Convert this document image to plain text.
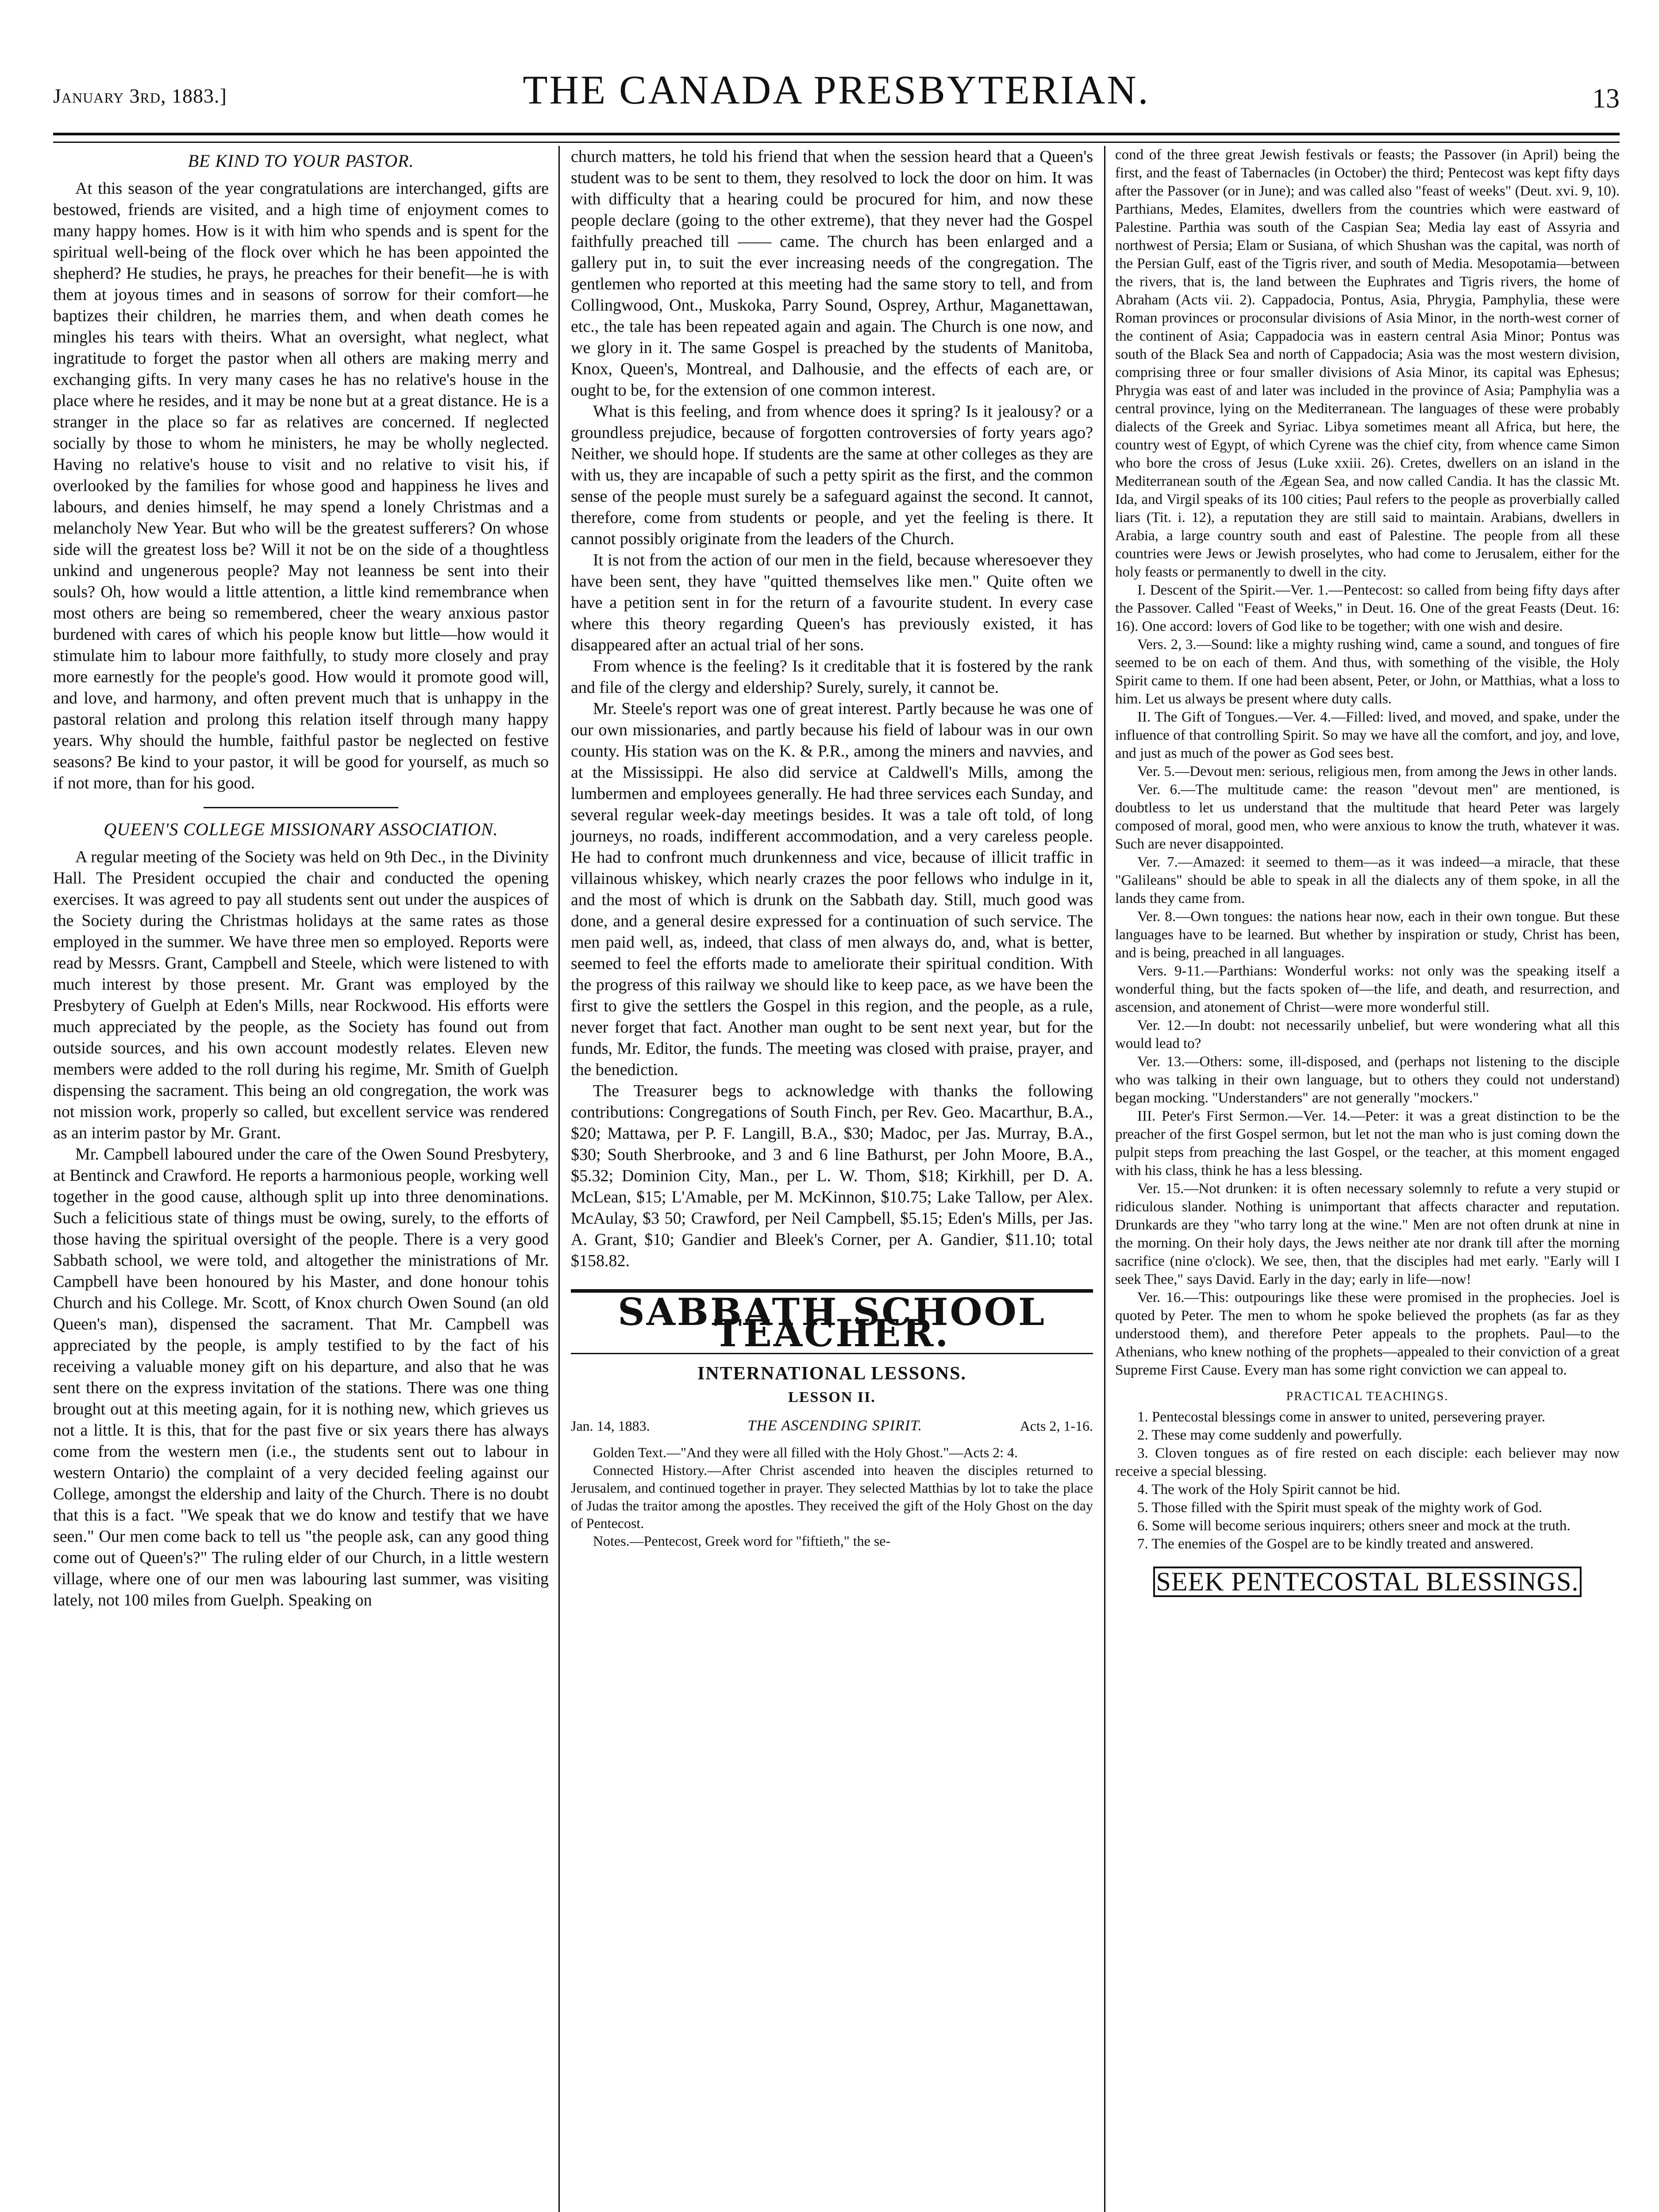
January 3rd, 1883.]	THE CANADA PRESBYTERIAN.	13
BE KIND TO YOUR PASTOR.

At this season of the year congratulations are interchanged, gifts are bestowed, friends are visited, and a high time of enjoyment comes to many happy homes. How is it with him who spends and is spent for the spiritual well-being of the flock over which he has been appointed the shepherd? He studies, he prays, he preaches for their benefit—he is with them at joyous times and in seasons of sorrow for their comfort—he baptizes their children, he marries them, and when death comes he mingles his tears with theirs. What an oversight, what neglect, what ingratitude to forget the pastor when all others are making merry and exchanging gifts. In very many cases he has no relative's house in the place where he resides, and it may be none but at a great distance. He is a stranger in the place so far as relatives are concerned. If neglected socially by those to whom he ministers, he may be wholly neglected. Having no relative's house to visit and no relative to visit his, if overlooked by the families for whose good and happiness he lives and labours, and denies himself, he may spend a lonely Christmas and a melancholy New Year. But who will be the greatest sufferers? On whose side will the greatest loss be? Will it not be on the side of a thoughtless unkind and ungenerous people? May not leanness be sent into their souls? Oh, how would a little attention, a little kind remembrance when most others are being so remembered, cheer the weary anxious pastor burdened with cares of which his people know but little—how would it stimulate him to labour more faithfully, to study more closely and pray more earnestly for the people's good. How would it promote good will, and love, and harmony, and often prevent much that is unhappy in the pastoral relation and prolong this relation itself through many happy years. Why should the humble, faithful pastor be neglected on festive seasons? Be kind to your pastor, it will be good for yourself, as much so if not more, than for his good.

QUEEN'S COLLEGE MISSIONARY ASSOCIATION.

A regular meeting of the Society was held on 9th Dec., in the Divinity Hall. The President occupied the chair and conducted the opening exercises. It was agreed to pay all students sent out under the auspices of the Society during the Christmas holidays at the same rates as those employed in the summer. We have three men so employed. Reports were read by Messrs. Grant, Campbell and Steele, which were listened to with much interest by those present. Mr. Grant was employed by the Presbytery of Guelph at Eden's Mills, near Rockwood. His efforts were much appreciated by the people, as the Society has found out from outside sources, and his own account modestly relates. Eleven new members were added to the roll during his regime, Mr. Smith of Guelph dispensing the sacrament. This being an old congregation, the work was not mission work, properly so called, but excellent service was rendered as an interim pastor by Mr. Grant.

Mr. Campbell laboured under the care of the Owen Sound Presbytery, at Bentinck and Crawford. He reports a harmonious people, working well together in the good cause, although split up into three denominations. Such a felicitious state of things must be owing, surely, to the efforts of those having the spiritual oversight of the people. There is a very good Sabbath school, we were told, and altogether the ministrations of Mr. Campbell have been honoured by his Master, and done honour tohis Church and his College. Mr. Scott, of Knox church Owen Sound (an old Queen's man), dispensed the sacrament. That Mr. Campbell was appreciated by the people, is amply testified to by the fact of his receiving a valuable money gift on his departure, and also that he was sent there on the express invitation of the stations. There was one thing brought out at this meeting again, for it is nothing new, which grieves us not a little. It is this, that for the past five or six years there has always come from the western men (i.e., the students sent out to labour in western Ontario) the complaint of a very decided feeling against our College, amongst the eldership and laity of the Church. There is no doubt that this is a fact. "We speak that we do know and testify that we have seen." Our men come back to tell us "the people ask, can any good thing come out of Queen's?" The ruling elder of our Church, in a little western village, where one of our men was labouring last summer, was visiting lately, not 100 miles from Guelph. Speaking on

church matters, he told his friend that when the session heard that a Queen's student was to be sent to them, they resolved to lock the door on him. It was with difficulty that a hearing could be procured for him, and now these people declare (going to the other extreme), that they never had the Gospel faithfully preached till —— came. The church has been enlarged and a gallery put in, to suit the ever increasing needs of the congregation. The gentlemen who reported at this meeting had the same story to tell, and from Collingwood, Ont., Muskoka, Parry Sound, Osprey, Arthur, Maganettawan, etc., the tale has been repeated again and again. The Church is one now, and we glory in it. The same Gospel is preached by the students of Manitoba, Knox, Queen's, Montreal, and Dalhousie, and the effects of each are, or ought to be, for the extension of one common interest.

What is this feeling, and from whence does it spring? Is it jealousy? or a groundless prejudice, because of forgotten controversies of forty years ago? Neither, we should hope. If students are the same at other colleges as they are with us, they are incapable of such a petty spirit as the first, and the common sense of the people must surely be a safeguard against the second. It cannot, therefore, come from students or people, and yet the feeling is there. It cannot possibly originate from the leaders of the Church.

It is not from the action of our men in the field, because wheresoever they have been sent, they have "quitted themselves like men." Quite often we have a petition sent in for the return of a favourite student. In every case where this theory regarding Queen's has previously existed, it has disappeared after an actual trial of her sons.

From whence is the feeling? Is it creditable that it is fostered by the rank and file of the clergy and eldership? Surely, surely, it cannot be.

Mr. Steele's report was one of great interest. Partly because he was one of our own missionaries, and partly because his field of labour was in our own county. His station was on the K. & P.R., among the miners and navvies, and at the Mississippi. He also did service at Caldwell's Mills, among the lumbermen and employees generally. He had three services each Sunday, and several regular week-day meetings besides. It was a tale oft told, of long journeys, no roads, indifferent accommodation, and a very careless people. He had to confront much drunkenness and vice, because of illicit traffic in villainous whiskey, which nearly crazes the poor fellows who indulge in it, and the most of which is drunk on the Sabbath day. Still, much good was done, and a general desire expressed for a continuation of such service. The men paid well, as, indeed, that class of men always do, and, what is better, seemed to feel the efforts made to ameliorate their spiritual condition. With the progress of this railway we should like to keep pace, as we have been the first to give the settlers the Gospel in this region, and the people, as a rule, never forget that fact. Another man ought to be sent next year, but for the funds, Mr. Editor, the funds. The meeting was closed with praise, prayer, and the benediction.

The Treasurer begs to acknowledge with thanks the following contributions: Congregations of South Finch, per Rev. Geo. Macarthur, B.A., $20; Mattawa, per P. F. Langill, B.A., $30; Madoc, per Jas. Murray, B.A., $30; South Sherbrooke, and 3 and 6 line Bathurst, per John Moore, B.A., $5.32; Dominion City, Man., per L. W. Thom, $18; Kirkhill, per D. A. McLean, $15; L'Amable, per M. McKinnon, $10.75; Lake Tallow, per Alex. McAulay, $3 50; Crawford, per Neil Campbell, $5.15; Eden's Mills, per Jas. A. Grant, $10; Gandier and Bleek's Corner, per A. Gandier, $11.10; total $158.82.

SABBATH SCHOOL TEACHER.
INTERNATIONAL LESSONS.
LESSON II.
Jan. 14, 1883.	THE ASCENDING SPIRIT.	Acts 2, 1-16.

Golden Text.—"And they were all filled with the Holy Ghost."—Acts 2: 4.

Connected History.—After Christ ascended into heaven the disciples returned to Jerusalem, and continued together in prayer. They selected Matthias by lot to take the place of Judas the traitor among the apostles. They received the gift of the Holy Ghost on the day of Pentecost.

Notes.—Pentecost, Greek word for "fiftieth," the se-

cond of the three great Jewish festivals or feasts; the Passover (in April) being the first, and the feast of Tabernacles (in October) the third; Pentecost was kept fifty days after the Passover (or in June); and was called also "feast of weeks" (Deut. xvi. 9, 10). Parthians, Medes, Elamites, dwellers from the countries which were eastward of Palestine. Parthia was south of the Caspian Sea; Media lay east of Assyria and northwest of Persia; Elam or Susiana, of which Shushan was the capital, was north of the Persian Gulf, east of the Tigris river, and south of Media. Mesopotamia—between the rivers, that is, the land between the Euphrates and Tigris rivers, the home of Abraham (Acts vii. 2). Cappadocia, Pontus, Asia, Phrygia, Pamphylia, these were Roman provinces or proconsular divisions of Asia Minor, in the north-west corner of the continent of Asia; Cappadocia was in eastern central Asia Minor; Pontus was south of the Black Sea and north of Cappadocia; Asia was the most western division, comprising three or four smaller divisions of Asia Minor, its capital was Ephesus; Phrygia was east of and later was included in the province of Asia; Pamphylia was a central province, lying on the Mediterranean. The languages of these were probably dialects of the Greek and Syriac. Libya sometimes meant all Africa, but here, the country west of Egypt, of which Cyrene was the chief city, from whence came Simon who bore the cross of Jesus (Luke xxiii. 26). Cretes, dwellers on an island in the Mediterranean south of the Ægean Sea, and now called Candia. It has the classic Mt. Ida, and Virgil speaks of its 100 cities; Paul refers to the people as proverbially called liars (Tit. i. 12), a reputation they are still said to maintain. Arabians, dwellers in Arabia, a large country south and east of Palestine. The people from all these countries were Jews or Jewish proselytes, who had come to Jerusalem, either for the holy feasts or permanently to dwell in the city.

I. Descent of the Spirit.—Ver. 1.—Pentecost: so called from being fifty days after the Passover. Called "Feast of Weeks," in Deut. 16. One of the great Feasts (Deut. 16: 16). One accord: lovers of God like to be together; with one wish and desire.

Vers. 2, 3.—Sound: like a mighty rushing wind, came a sound, and tongues of fire seemed to be on each of them. And thus, with something of the visible, the Holy Spirit came to them. If one had been absent, Peter, or John, or Matthias, what a loss to him. Let us always be present where duty calls.

II. The Gift of Tongues.—Ver. 4.—Filled: lived, and moved, and spake, under the influence of that controlling Spirit. So may we have all the comfort, and joy, and love, and just as much of the power as God sees best.

Ver. 5.—Devout men: serious, religious men, from among the Jews in other lands.

Ver. 6.—The multitude came: the reason "devout men" are mentioned, is doubtless to let us understand that the multitude that heard Peter was largely composed of moral, good men, who were anxious to know the truth, whatever it was. Such are never disappointed.

Ver. 7.—Amazed: it seemed to them—as it was indeed—a miracle, that these "Galileans" should be able to speak in all the dialects any of them spoke, in all the lands they came from.

Ver. 8.—Own tongues: the nations hear now, each in their own tongue. But these languages have to be learned. But whether by inspiration or study, Christ has been, and is being, preached in all languages.

Vers. 9-11.—Parthians: Wonderful works: not only was the speaking itself a wonderful thing, but the facts spoken of—the life, and death, and resurrection, and ascension, and atonement of Christ—were more wonderful still.

Ver. 12.—In doubt: not necessarily unbelief, but were wondering what all this would lead to?

Ver. 13.—Others: some, ill-disposed, and (perhaps not listening to the disciple who was talking in their own language, but to others they could not understand) began mocking. "Understanders" are not generally "mockers."

III. Peter's First Sermon.—Ver. 14.—Peter: it was a great distinction to be the preacher of the first Gospel sermon, but let not the man who is just coming down the pulpit steps from preaching the last Gospel, or the teacher, at this moment engaged with his class, think he has a less blessing.

Ver. 15.—Not drunken: it is often necessary solemnly to refute a very stupid or ridiculous slander. Nothing is unimportant that affects character and reputation. Drunkards are they "who tarry long at the wine." Men are not often drunk at nine in the morning. On their holy days, the Jews neither ate nor drank till after the morning sacrifice (nine o'clock). We see, then, that the disciples had met early. "Early will I seek Thee," says David. Early in the day; early in life—now!

Ver. 16.—This: outpourings like these were promised in the prophecies. Joel is quoted by Peter. The men to whom he spoke believed the prophets (as far as they understood them), and therefore Peter appeals to the prophets. Paul—to the Athenians, who knew nothing of the prophets—appealed to their conviction of a great Supreme First Cause. Every man has some right conviction we can appeal to.

PRACTICAL TEACHINGS.

1. Pentecostal blessings come in answer to united, persevering prayer.

2. These may come suddenly and powerfully.

3. Cloven tongues as of fire rested on each disciple: each believer may now receive a special blessing.

4. The work of the Holy Spirit cannot be hid.

5. Those filled with the Spirit must speak of the mighty work of God.

6. Some will become serious inquirers; others sneer and mock at the truth.

7. The enemies of the Gospel are to be kindly treated and answered.

SEEK PENTECOSTAL BLESSINGS.
